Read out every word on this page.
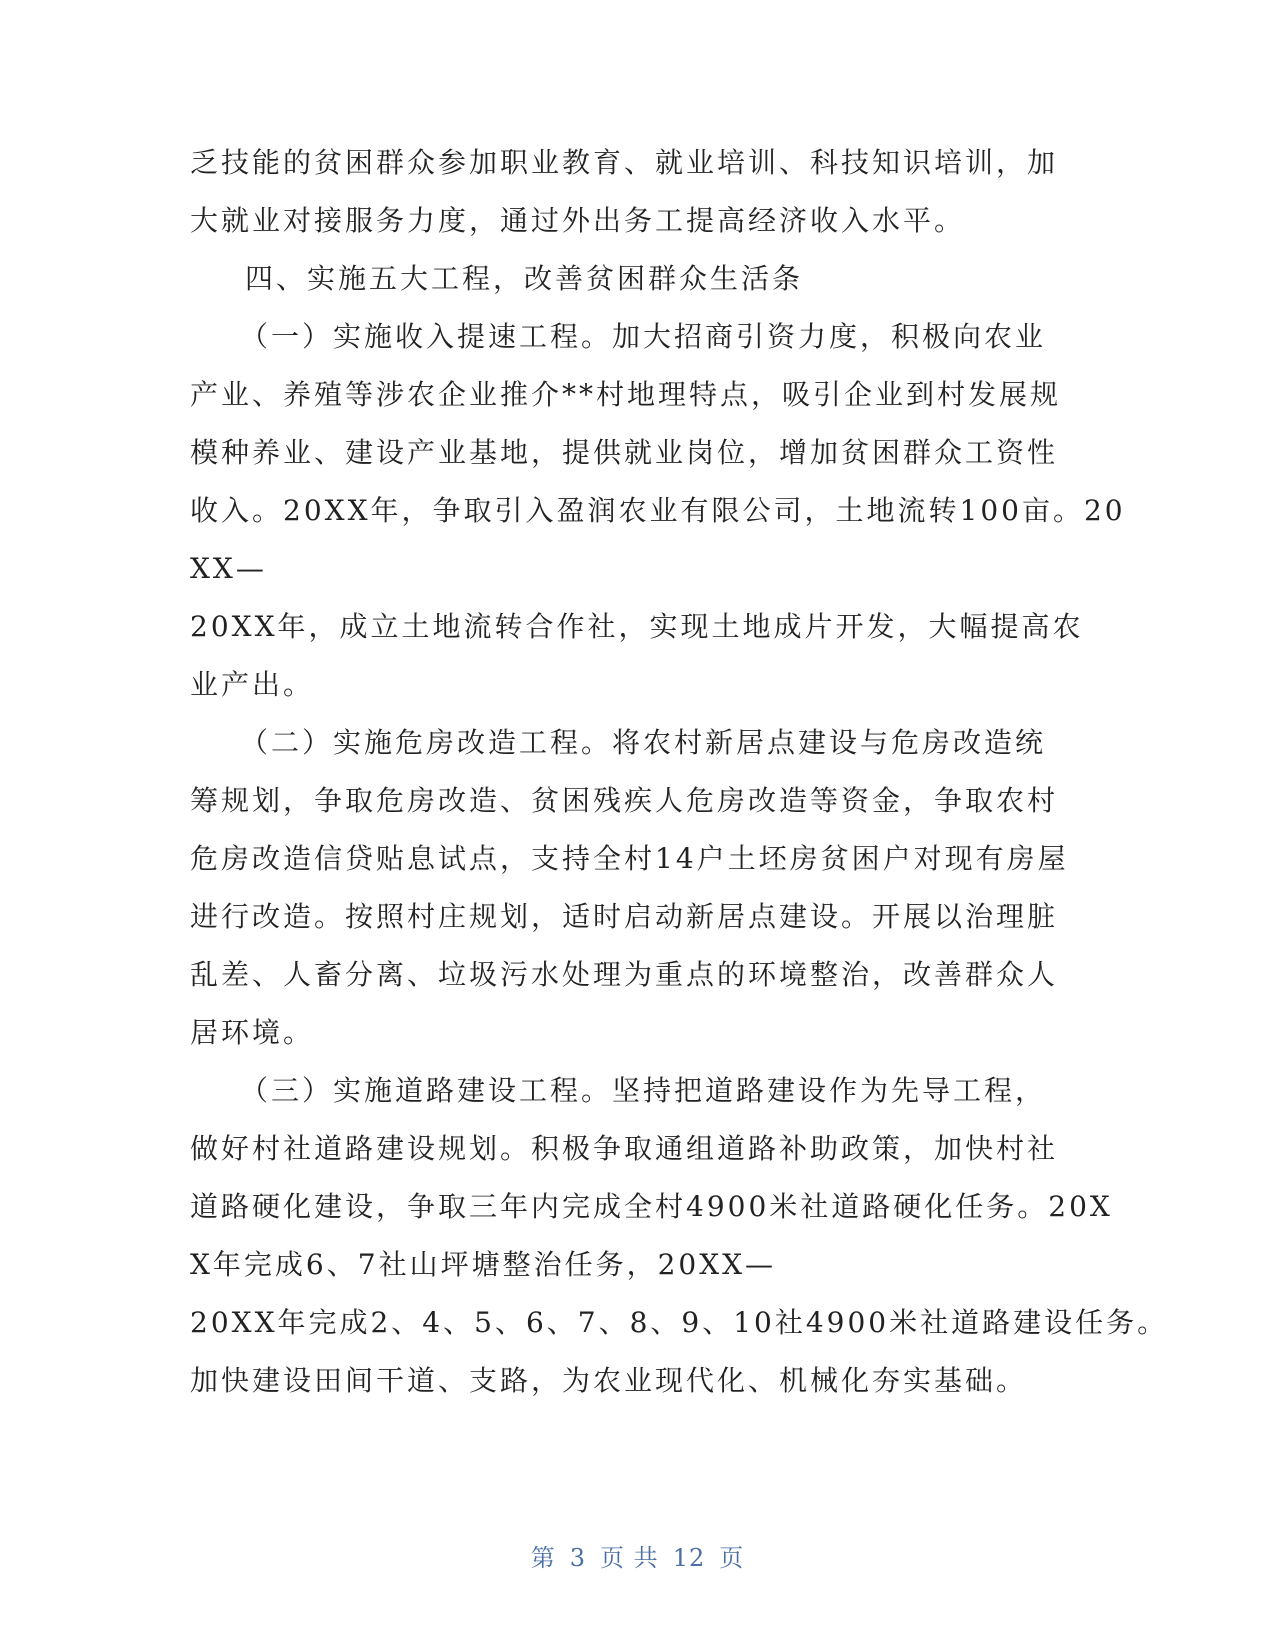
乏技能的贫困群众参加职业教育、就业培训、科技知识培训，加
大就业对接服务力度，通过外出务工提高经济收入水平。
四、实施五大工程，改善贫困群众生活条
（一）实施收入提速工程。加大招商引资力度，积极向农业
产业、养殖等涉农企业推介**村地理特点，吸引企业到村发展规
模种养业、建设产业基地，提供就业岗位，增加贫困群众工资性
收入。20XX年，争取引入盈润农业有限公司，土地流转100亩。20
XX—
20XX年，成立土地流转合作社，实现土地成片开发，大幅提高农
业产出。
（二）实施危房改造工程。将农村新居点建设与危房改造统
筹规划，争取危房改造、贫困残疾人危房改造等资金，争取农村
危房改造信贷贴息试点，支持全村14户土坯房贫困户对现有房屋
进行改造。按照村庄规划，适时启动新居点建设。开展以治理脏
乱差、人畜分离、垃圾污水处理为重点的环境整治，改善群众人
居环境。
（三）实施道路建设工程。坚持把道路建设作为先导工程，
做好村社道路建设规划。积极争取通组道路补助政策，加快村社
道路硬化建设，争取三年内完成全村4900米社道路硬化任务。20X
X年完成6、7社山坪塘整治任务，20XX—
20XX年完成2、4、5、6、7、8、9、10社4900米社道路建设任务。
加快建设田间干道、支路，为农业现代化、机械化夯实基础。
第 3 页 共 12 页
